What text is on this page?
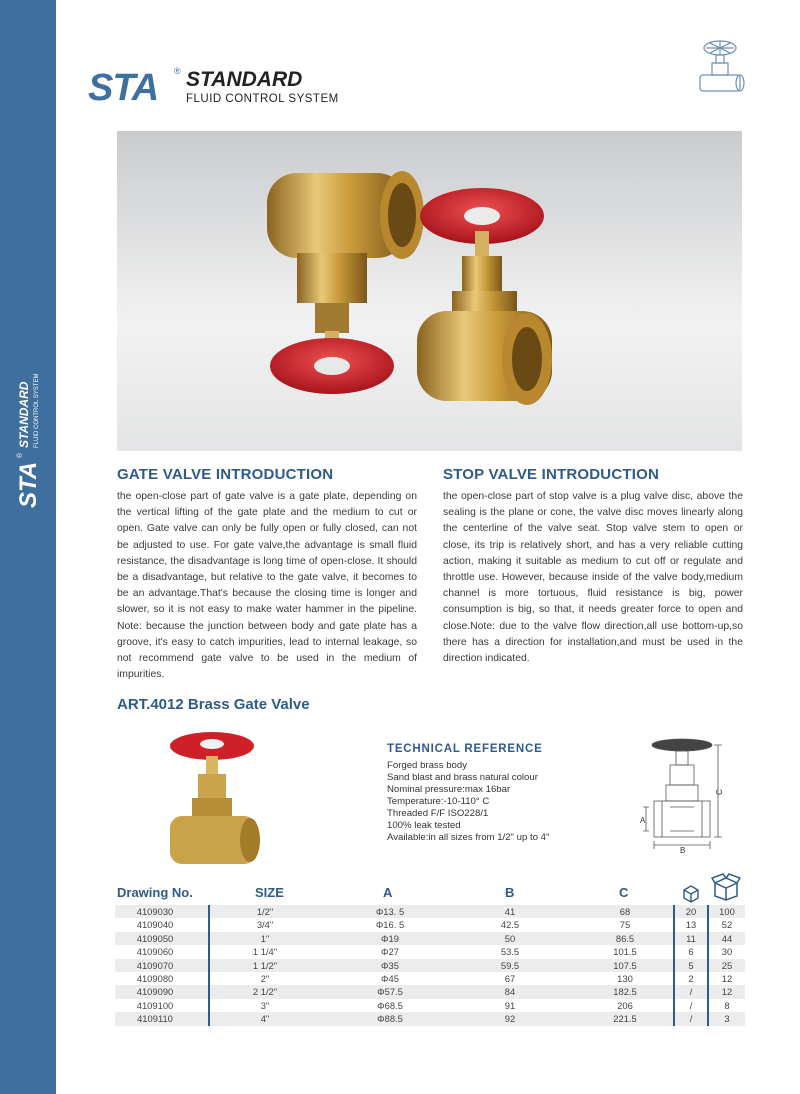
STA
®
STANDARD FLUID CONTROL SYSTEM
STA ® STANDARD
FLUID CONTROL SYSTEM
GATE VALVE INTRODUCTION
the open-close part of gate valve is a gate plate, depending on the vertical lifting of the gate plate and the medium to cut or open. Gate valve can only be fully open or fully closed, can not be adjusted to use. For gate valve,the advantage is small fluid resistance, the disadvantage is long time of open-close. It should be a disadvantage, but relative to the gate valve, it becomes to be an advantage.That's because the closing time is longer and slower, so it is not easy to make water hammer in the pipeline. Note: because the junction between body and gate plate has a groove, it's easy to catch impurities, lead to internal leakage, so not recommend gate valve to be used in the medium of impurities.
STOP VALVE INTRODUCTION
the open-close part of stop valve is a plug valve disc, above the sealing is the plane or cone, the valve disc moves linearly along the centerline of the valve seat. Stop valve stem to open or close, its trip is relatively short, and has a very reliable cutting action, making it suitable as medium to cut off or regulate and throttle use. However, because inside of the valve body,medium channel is more tortuous, fluid resistance is big, power consumption is big, so that, it needs greater force to open and close.Note: due to the valve flow direction,all use bottom-up,so there has a direction for installation,and must be used in the direction indicated.
ART.4012 Brass Gate Valve
TECHNICAL REFERENCE
Forged brass body
Sand blast and brass natural colour
Nominal pressure:max 16bar
Temperature:-10-110° C
Threaded F/F ISO228/1
100% leak tested
Available:in all sizes from 1/2" up to 4"
C
B
A
Drawing No.	SIZE	A	B	C
4109030	1/2"	Φ13. 5	41	68	20	100
4109040	3/4"	Φ16. 5	42.5	75	13	52
4109050	1"	Φ19	50	86.5	11	44
4109060	1 1/4"	Φ27	53.5	101.5	6	30
4109070	1 1/2"	Φ35	59.5	107.5	5	25
4109080	2"	Φ45	67	130	2	12
4109090	2 1/2"	Φ57.5	84	182.5	/	12
4109100	3"	Φ68.5	91	206	/	8
4109110	4"	Φ88.5	92	221.5	/	3
